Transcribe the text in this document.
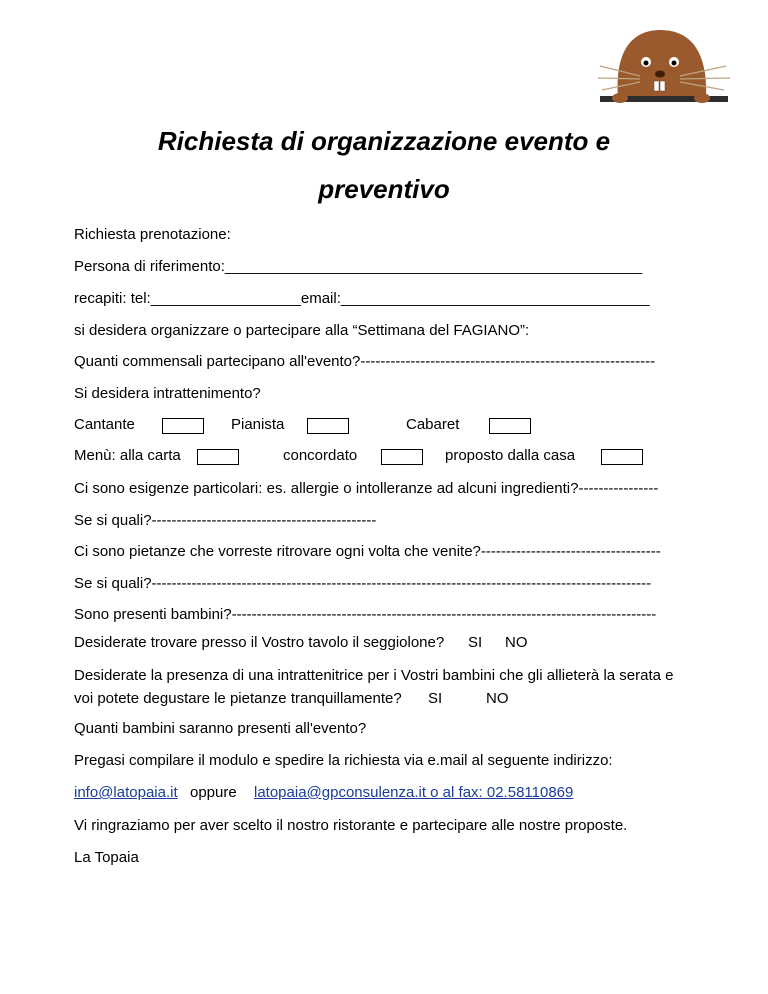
Richiesta di organizzazione evento e
preventivo
Richiesta prenotazione:
Persona di riferimento:__________________________________________________
recapiti: tel:__________________email:_____________________________________
si desidera organizzare o partecipare alla “Settimana del FAGIANO”:
Quanti commensali partecipano all'evento?-----------------------------------------------------------
Si desidera intrattenimento?
Cantante	Pianista	Cabaret
Menù: alla carta	concordato	proposto dalla casa
Ci sono esigenze particolari: es. allergie o intolleranze ad alcuni ingredienti?----------------
Se si quali?---------------------------------------------
Ci sono pietanze che vorreste ritrovare ogni volta che venite?------------------------------------
Se si quali?----------------------------------------------------------------------------------------------------
Sono presenti bambini?-------------------------------------------------------------------------------------
Desiderate trovare presso il Vostro tavolo il seggiolone? SI NO
Desiderate la presenza di una intrattenitrice per i Vostri bambini che gli allieterà la serata e
voi potete degustare le pietanze tranquillamente? SI	NO
Quanti bambini saranno presenti all'evento?
Pregasi compilare il modulo e spedire la richiesta via e.mail al seguente indirizzo:
info@latopaia.it oppure latopaia@gpconsulenza.it o al fax: 02.58110869
Vi ringraziamo per aver scelto il nostro ristorante e partecipare alle nostre proposte.
La Topaia
